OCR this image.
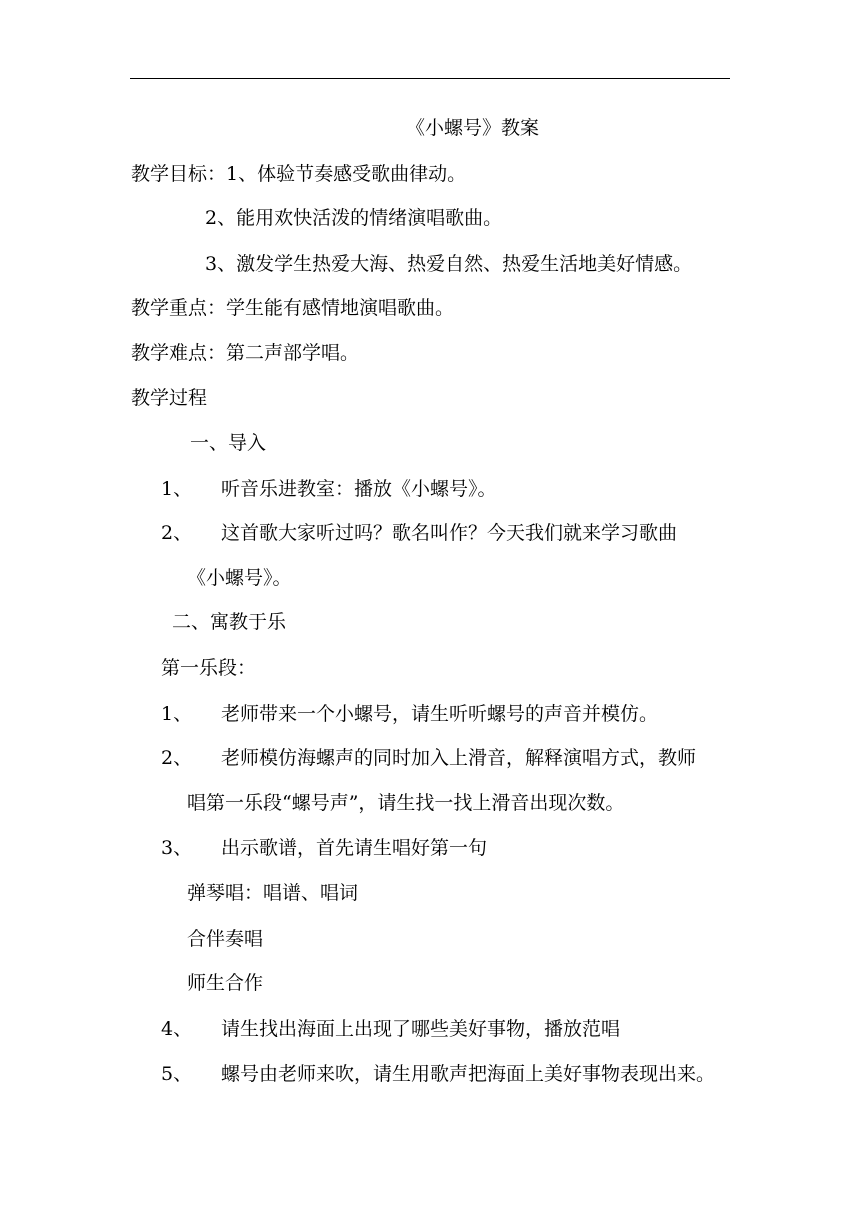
《小螺号》教案
教学目标： 1、体验节奏感受歌曲律动。
2、能用欢快活泼的情绪演唱歌曲。
3、激发学生热爱大海、热爱自然、热爱生活地美好情感。
教学重点：学生能有感情地演唱歌曲。
教学难点：第二声部学唱。
教学过程
一、导入
1、 听音乐进教室：播放《小螺号》。
2、 这首歌大家听过吗？歌名叫作？今天我们就来学习歌曲
《小螺号》。
二、寓教于乐
第一乐段：
1、 老师带来一个小螺号，请生听听螺号的声音并模仿。
2、 老师模仿海螺声的同时加入上滑音，解释演唱方式，教师
唱第一乐段“螺号声”，请生找一找上滑音出现次数。
3、 出示歌谱，首先请生唱好第一句
弹琴唱：唱谱、唱词
合伴奏唱
师生合作
4、 请生找出海面上出现了哪些美好事物，播放范唱
5、 螺号由老师来吹，请生用歌声把海面上美好事物表现出来。
